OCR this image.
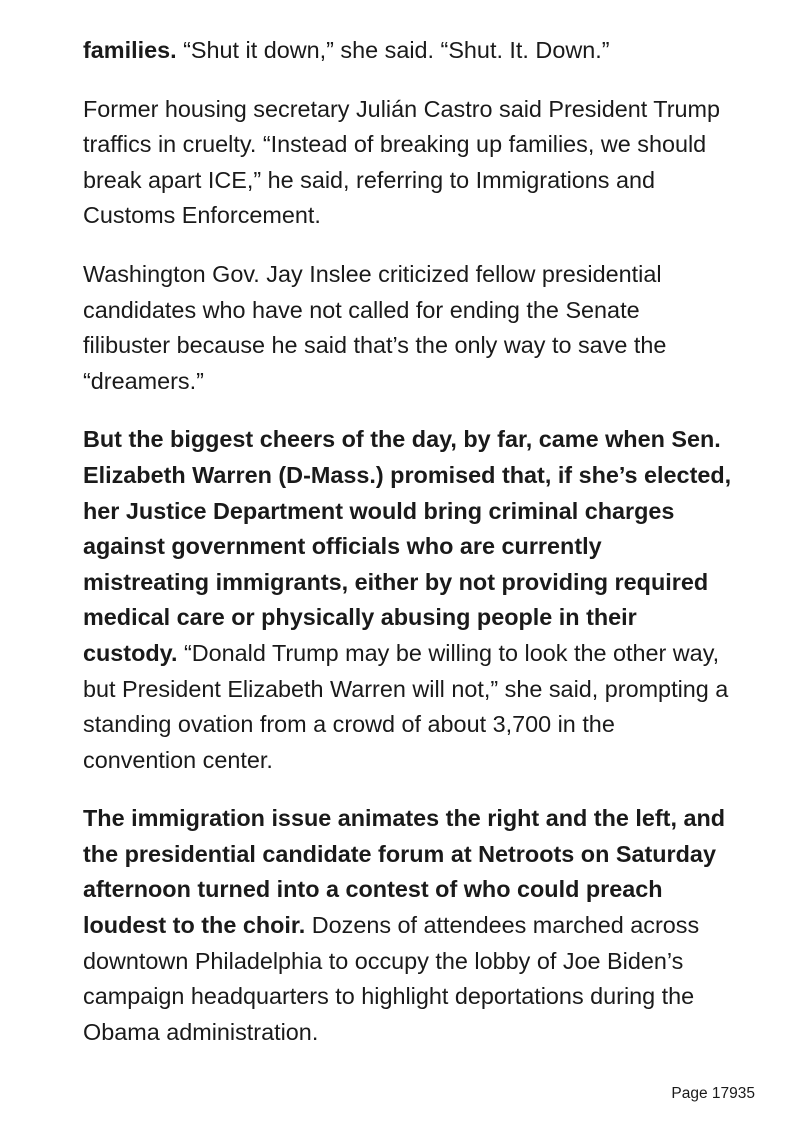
families. “Shut it down,” she said. “Shut. It. Down.”

Former housing secretary Julián Castro said President Trump traffics in cruelty. “Instead of breaking up families, we should break apart ICE,” he said, referring to Immigrations and Customs Enforcement.

Washington Gov. Jay Inslee criticized fellow presidential candidates who have not called for ending the Senate filibuster because he said that’s the only way to save the “dreamers.”

But the biggest cheers of the day, by far, came when Sen. Elizabeth Warren (D-Mass.) promised that, if she’s elected, her Justice Department would bring criminal charges against government officials who are currently mistreating immigrants, either by not providing required medical care or physically abusing people in their custody. “Donald Trump may be willing to look the other way, but President Elizabeth Warren will not,” she said, prompting a standing ovation from a crowd of about 3,700 in the convention center.

The immigration issue animates the right and the left, and the presidential candidate forum at Netroots on Saturday afternoon turned into a contest of who could preach loudest to the choir. Dozens of attendees marched across downtown Philadelphia to occupy the lobby of Joe Biden’s campaign headquarters to highlight deportations during the Obama administration.

Page 17935
